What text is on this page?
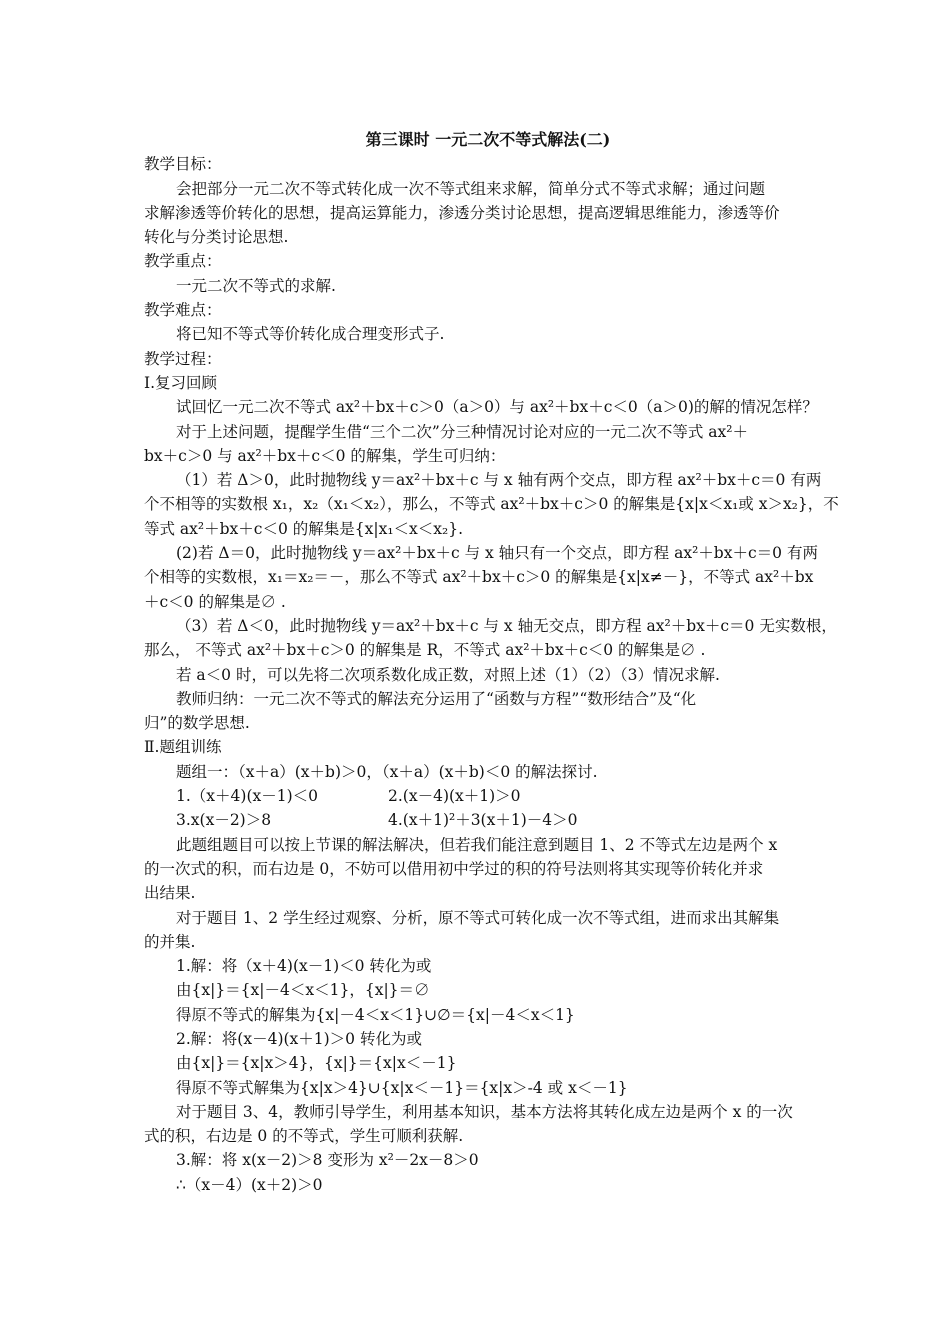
第三课时 一元二次不等式解法(二)
教学目标：
会把部分一元二次不等式转化成一次不等式组来求解，简单分式不等式求解；通过问题
求解渗透等价转化的思想，提高运算能力，渗透分类讨论思想，提高逻辑思维能力，渗透等价
转化与分类讨论思想.
教学重点：
一元二次不等式的求解.
教学难点：
将已知不等式等价转化成合理变形式子.
教学过程：
Ⅰ.复习回顾
试回忆一元二次不等式 ax²＋bx＋c＞0（a＞0）与 ax²＋bx＋c＜0（a＞0)的解的情况怎样？
对于上述问题，提醒学生借“三个二次”分三种情况讨论对应的一元二次不等式 ax²＋
bx＋c＞0 与 ax²＋bx＋c＜0 的解集，学生可归纳：
（1）若 Δ＞0，此时抛物线 y＝ax²＋bx＋c 与 x 轴有两个交点，即方程 ax²＋bx＋c＝0 有两
个不相等的实数根 x₁，x₂（x₁＜x₂），那么，不等式 ax²＋bx＋c＞0 的解集是{x|x＜x₁或 x＞x₂}，不
等式 ax²＋bx＋c＜0 的解集是{x|x₁＜x＜x₂}.
(2)若 Δ＝0，此时抛物线 y＝ax²＋bx＋c 与 x 轴只有一个交点，即方程 ax²＋bx＋c＝0 有两
个相等的实数根，x₁＝x₂＝－，那么不等式 ax²＋bx＋c＞0 的解集是{x|x≠－}，不等式 ax²＋bx
＋c＜0 的解集是∅ .
（3）若 Δ＜0，此时抛物线 y＝ax²＋bx＋c 与 x 轴无交点，即方程 ax²＋bx＋c＝0 无实数根，
那么， 不等式 ax²＋bx＋c＞0 的解集是 R，不等式 ax²＋bx＋c＜0 的解集是∅ .
若 a＜0 时，可以先将二次项系数化成正数，对照上述（1）（2）（3）情况求解.
教师归纳：一元二次不等式的解法充分运用了“函数与方程”“数形结合”及“化
归”的数学思想.
Ⅱ.题组训练
题组一：（x＋a）(x＋b)＞0，（x＋a）(x＋b)＜0 的解法探讨.
1.（x＋4)(x－1)＜0	2.(x－4)(x＋1)＞0
3.x(x－2)＞8	4.(x＋1)²＋3(x＋1)－4＞0
此题组题目可以按上节课的解法解决，但若我们能注意到题目 1、2 不等式左边是两个 x
的一次式的积，而右边是 0，不妨可以借用初中学过的积的符号法则将其实现等价转化并求
出结果.
对于题目 1、2 学生经过观察、分析，原不等式可转化成一次不等式组，进而求出其解集
的并集.
1.解：将（x＋4)(x－1)＜0 转化为或
由{x|}＝{x|－4＜x＜1}，{x|}＝∅
得原不等式的解集为{x|－4＜x＜1}∪∅＝{x|－4＜x＜1}
2.解：将(x－4)(x＋1)＞0 转化为或
由{x|}＝{x|x＞4}，{x|}＝{x|x＜－1}
得原不等式解集为{x|x＞4}∪{x|x＜－1}＝{x|x＞-4 或 x＜－1}
对于题目 3、4，教师引导学生，利用基本知识，基本方法将其转化成左边是两个 x 的一次
式的积，右边是 0 的不等式，学生可顺利获解.
3.解：将 x(x－2)＞8 变形为 x²－2x－8＞0
∴（x－4）(x＋2)＞0
